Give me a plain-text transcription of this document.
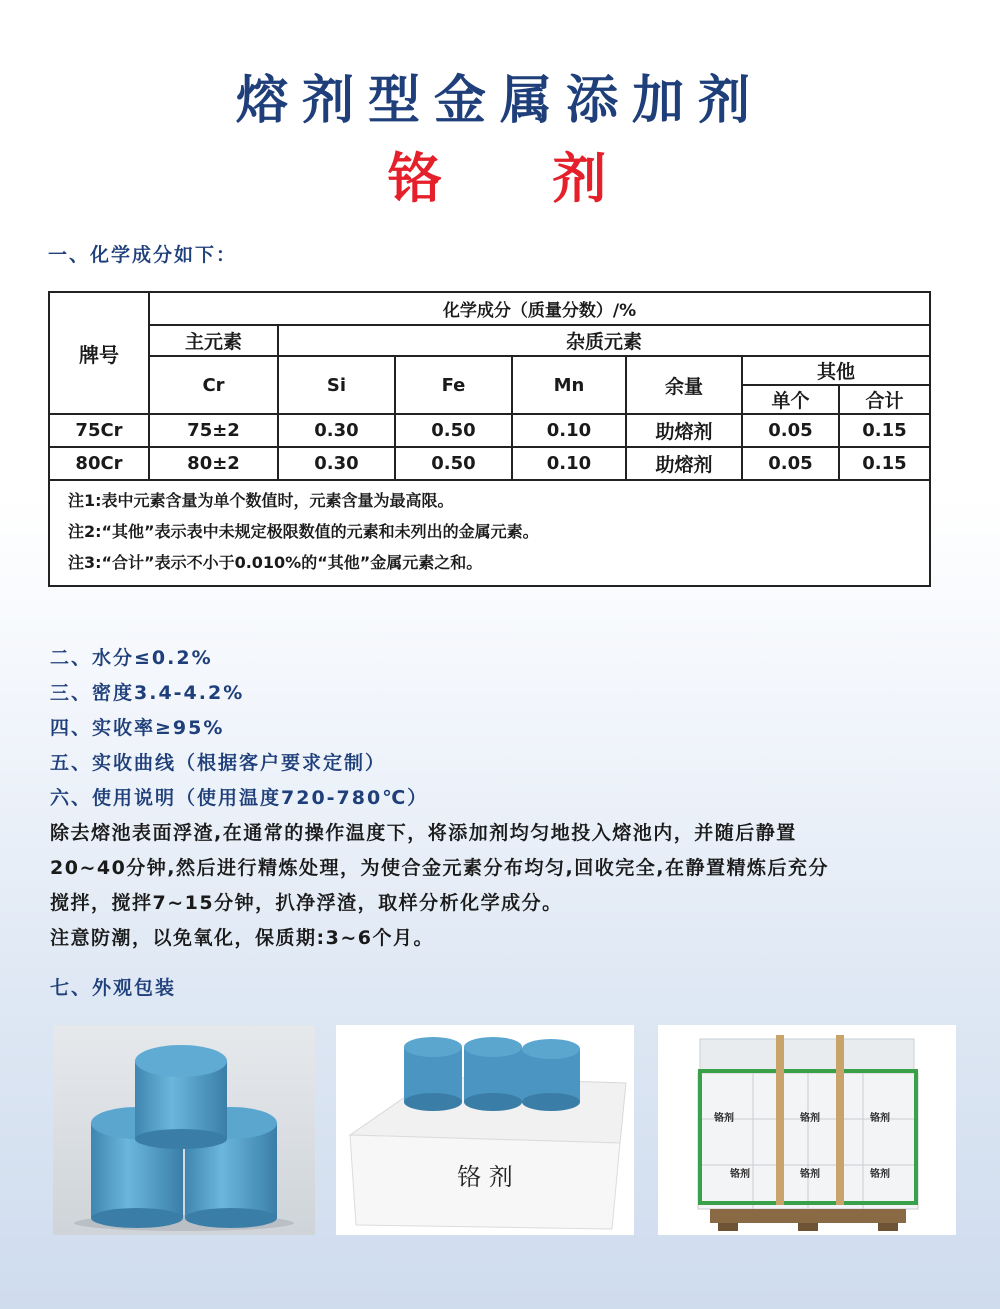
熔剂型金属添加剂
铬 剂
一、化学成分如下：
牌号	化学成分（质量分数）/%						
	主元素	杂质元素					
	Cr	Si	Fe	Mn	余量	其他	
						单个	合计
75Cr	75±2	0.30	0.50	0.10	助熔剂	0.05	0.15
80Cr	80±2	0.30	0.50	0.10	助熔剂	0.05	0.15
注1:表中元素含量为单个数值时，元素含量为最高限。
注2:“其他”表示表中未规定极限数值的元素和未列出的金属元素。
注3:“合计”表示不小于0.010%的“其他”金属元素之和。
二、水分≤0.2%
三、密度3.4-4.2%
四、实收率≥95%
五、实收曲线（根据客户要求定制）
六、使用说明（使用温度720-780℃）
除去熔池表面浮渣,在通常的操作温度下，将添加剂均匀地投入熔池内，并随后静置
20~40分钟,然后进行精炼处理，为使合金元素分布均匀,回收完全,在静置精炼后充分
搅拌，搅拌7~15分钟，扒净浮渣，取样分析化学成分。
注意防潮，以免氧化，保质期:3~6个月。
七、外观包装
铬 剂
铬剂	铬剂	铬剂
铬剂	铬剂	铬剂
